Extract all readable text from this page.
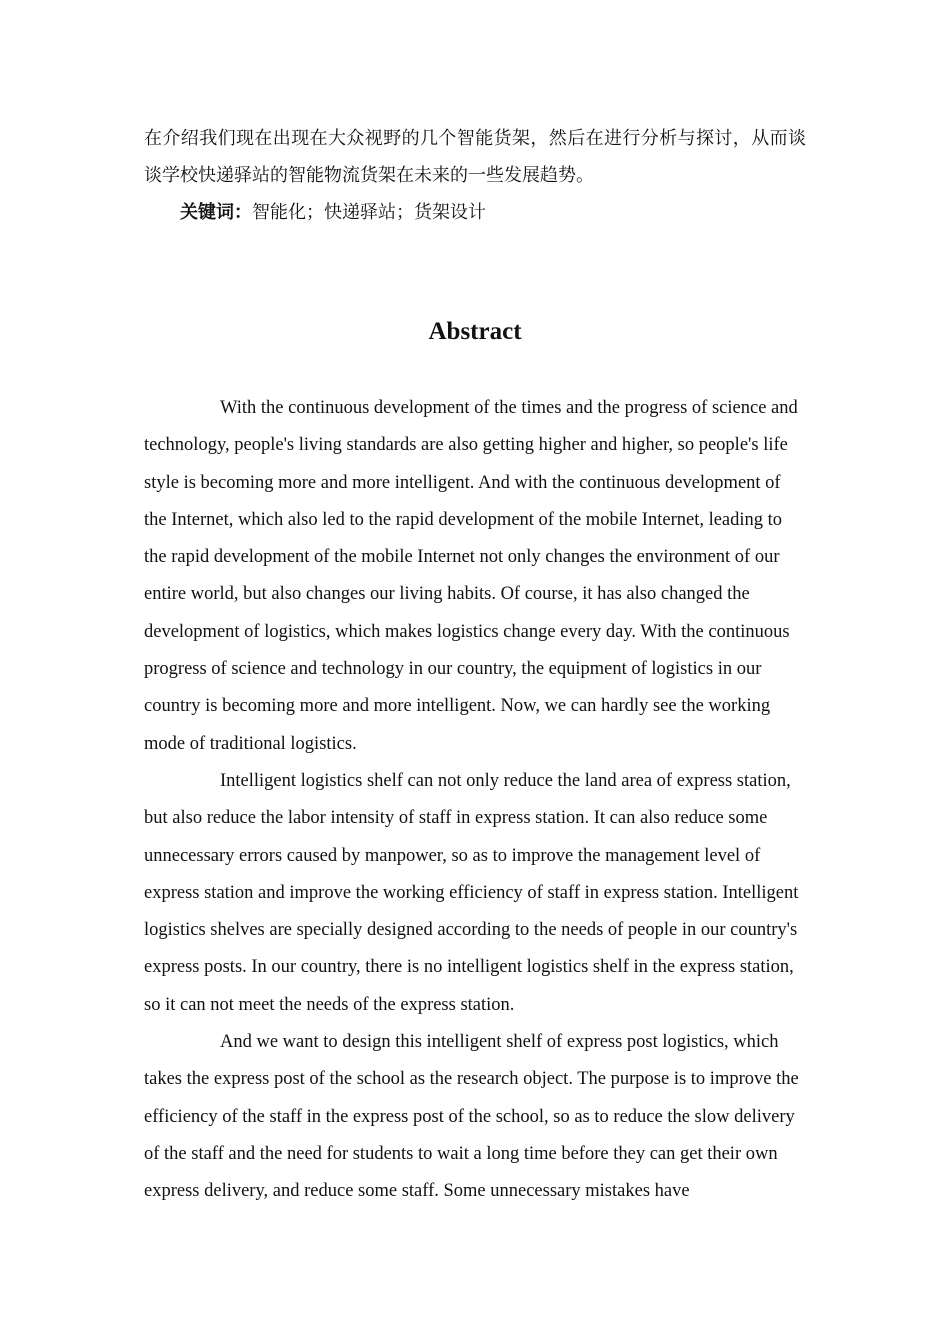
在介绍我们现在出现在大众视野的几个智能货架，然后在进行分析与探讨，从而谈谈学校快递驿站的智能物流货架在未来的一些发展趋势。

关键词：智能化；快递驿站；货架设计

Abstract

With the continuous development of the times and the progress of science and technology, people's living standards are also getting higher and higher, so people's life style is becoming more and more intelligent. And with the continuous development of the Internet, which also led to the rapid development of the mobile Internet, leading to the rapid development of the mobile Internet not only changes the environment of our entire world, but also changes our living habits. Of course, it has also changed the development of logistics, which makes logistics change every day. With the continuous progress of science and technology in our country, the equipment of logistics in our country is becoming more and more intelligent. Now, we can hardly see the working mode of traditional logistics.

Intelligent logistics shelf can not only reduce the land area of express station, but also reduce the labor intensity of staff in express station. It can also reduce some unnecessary errors caused by manpower, so as to improve the management level of express station and improve the working efficiency of staff in express station. Intelligent logistics shelves are specially designed according to the needs of people in our country's express posts. In our country, there is no intelligent logistics shelf in the express station, so it can not meet the needs of the express station.

And we want to design this intelligent shelf of express post logistics, which takes the express post of the school as the research object. The purpose is to improve the efficiency of the staff in the express post of the school, so as to reduce the slow delivery of the staff and the need for students to wait a long time before they can get their own express delivery, and reduce some staff. Some unnecessary mistakes have
